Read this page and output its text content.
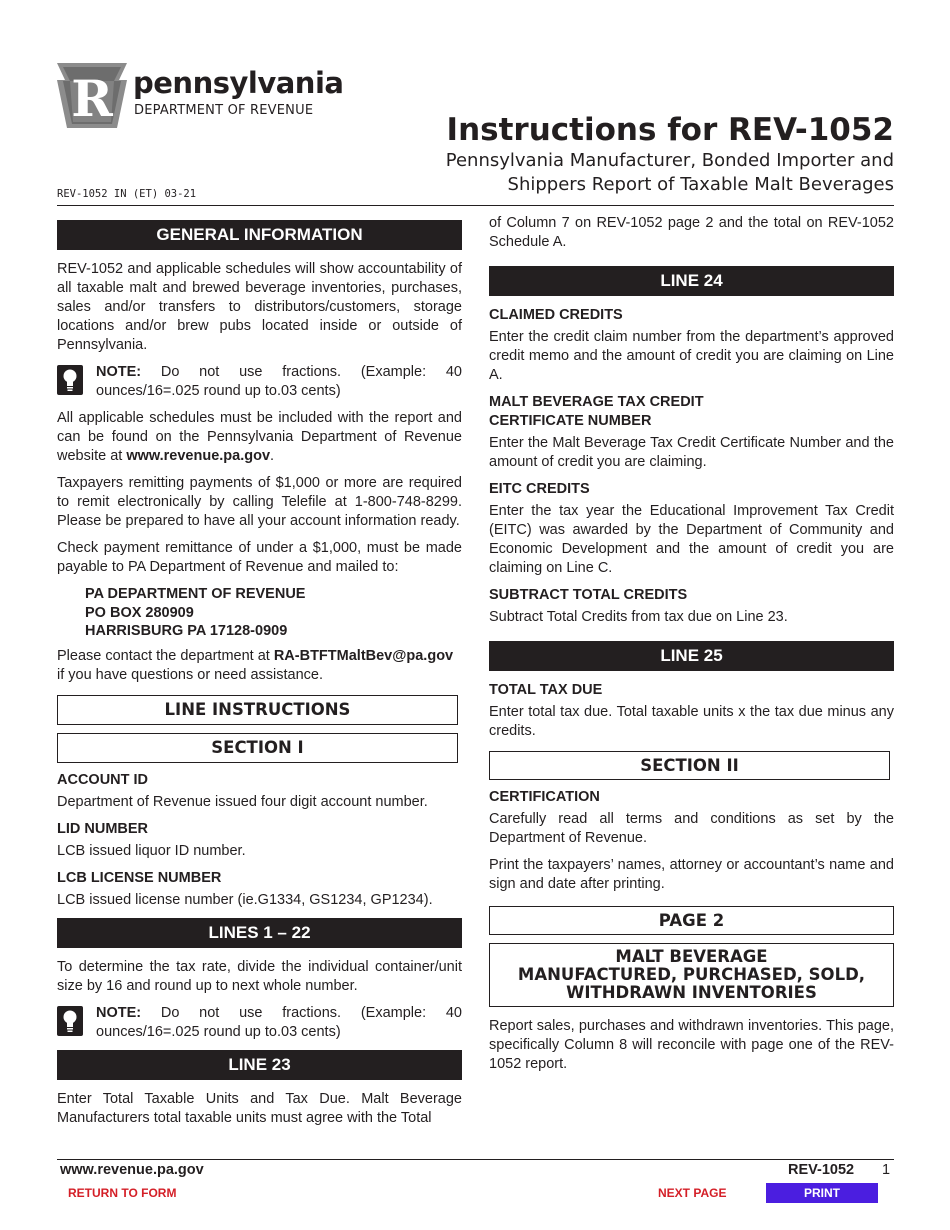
R pennsylvania
DEPARTMENT OF REVENUE
Instructions for REV-1052
Pennsylvania Manufacturer, Bonded Importer and
Shippers Report of Taxable Malt Beverages
REV-1052 IN (ET) 03-21
GENERAL INFORMATION

REV-1052 and applicable schedules will show accountability of all taxable malt and brewed beverage inventories, purchases, sales and/or transfers to distributors/customers, storage locations and/or brew pubs located inside or outside of Pennsylvania.

NOTE: Do not use fractions. (Example: 40 ounces/16=.025 round up to.03 cents)

All applicable schedules must be included with the report and can be found on the Pennsylvania Department of Revenue website at www.revenue.pa.gov.

Taxpayers remitting payments of $1,000 or more are required to remit electronically by calling Telefile at 1-800-748-8299. Please be prepared to have all your account information ready.

Check payment remittance of under a $1,000, must be made payable to PA Department of Revenue and mailed to:

PA DEPARTMENT OF REVENUE
PO BOX 280909
HARRISBURG PA 17128-0909

Please contact the department at RA-BTFTMaltBev@pa.gov if you have questions or need assistance.

LINE INSTRUCTIONS
SECTION I
ACCOUNT ID

Department of Revenue issued four digit account number.

LID NUMBER

LCB issued liquor ID number.

LCB LICENSE NUMBER

LCB issued license number (ie.G1334, GS1234, GP1234).

LINES 1 – 22

To determine the tax rate, divide the individual container/unit size by 16 and round up to next whole number.

NOTE: Do not use fractions. (Example: 40 ounces/16=.025 round up to.03 cents)

LINE 23

Enter Total Taxable Units and Tax Due. Malt Beverage Manufacturers total taxable units must agree with the Total

of Column 7 on REV-1052 page 2 and the total on REV-1052 Schedule A.

LINE 24
CLAIMED CREDITS

Enter the credit claim number from the department’s approved credit memo and the amount of credit you are claiming on Line A.

MALT BEVERAGE TAX CREDIT
CERTIFICATE NUMBER

Enter the Malt Beverage Tax Credit Certificate Number and the amount of credit you are claiming.

EITC CREDITS

Enter the tax year the Educational Improvement Tax Credit (EITC) was awarded by the Department of Community and Economic Development and the amount of credit you are claiming on Line C.

SUBTRACT TOTAL CREDITS

Subtract Total Credits from tax due on Line 23.

LINE 25
TOTAL TAX DUE

Enter total tax due. Total taxable units x the tax due minus any credits.

SECTION II
CERTIFICATION

Carefully read all terms and conditions as set by the Department of Revenue.

Print the taxpayers’ names, attorney or accountant’s name and sign and date after printing.

PAGE 2
MALT BEVERAGE
MANUFACTURED, PURCHASED, SOLD,
WITHDRAWN INVENTORIES

Report sales, purchases and withdrawn inventories. This page, specifically Column 8 will reconcile with page one of the REV-1052 report.

www.revenue.pa.gov	REV-1052 1
RETURN TO FORM	NEXT PAGE	PRINT
